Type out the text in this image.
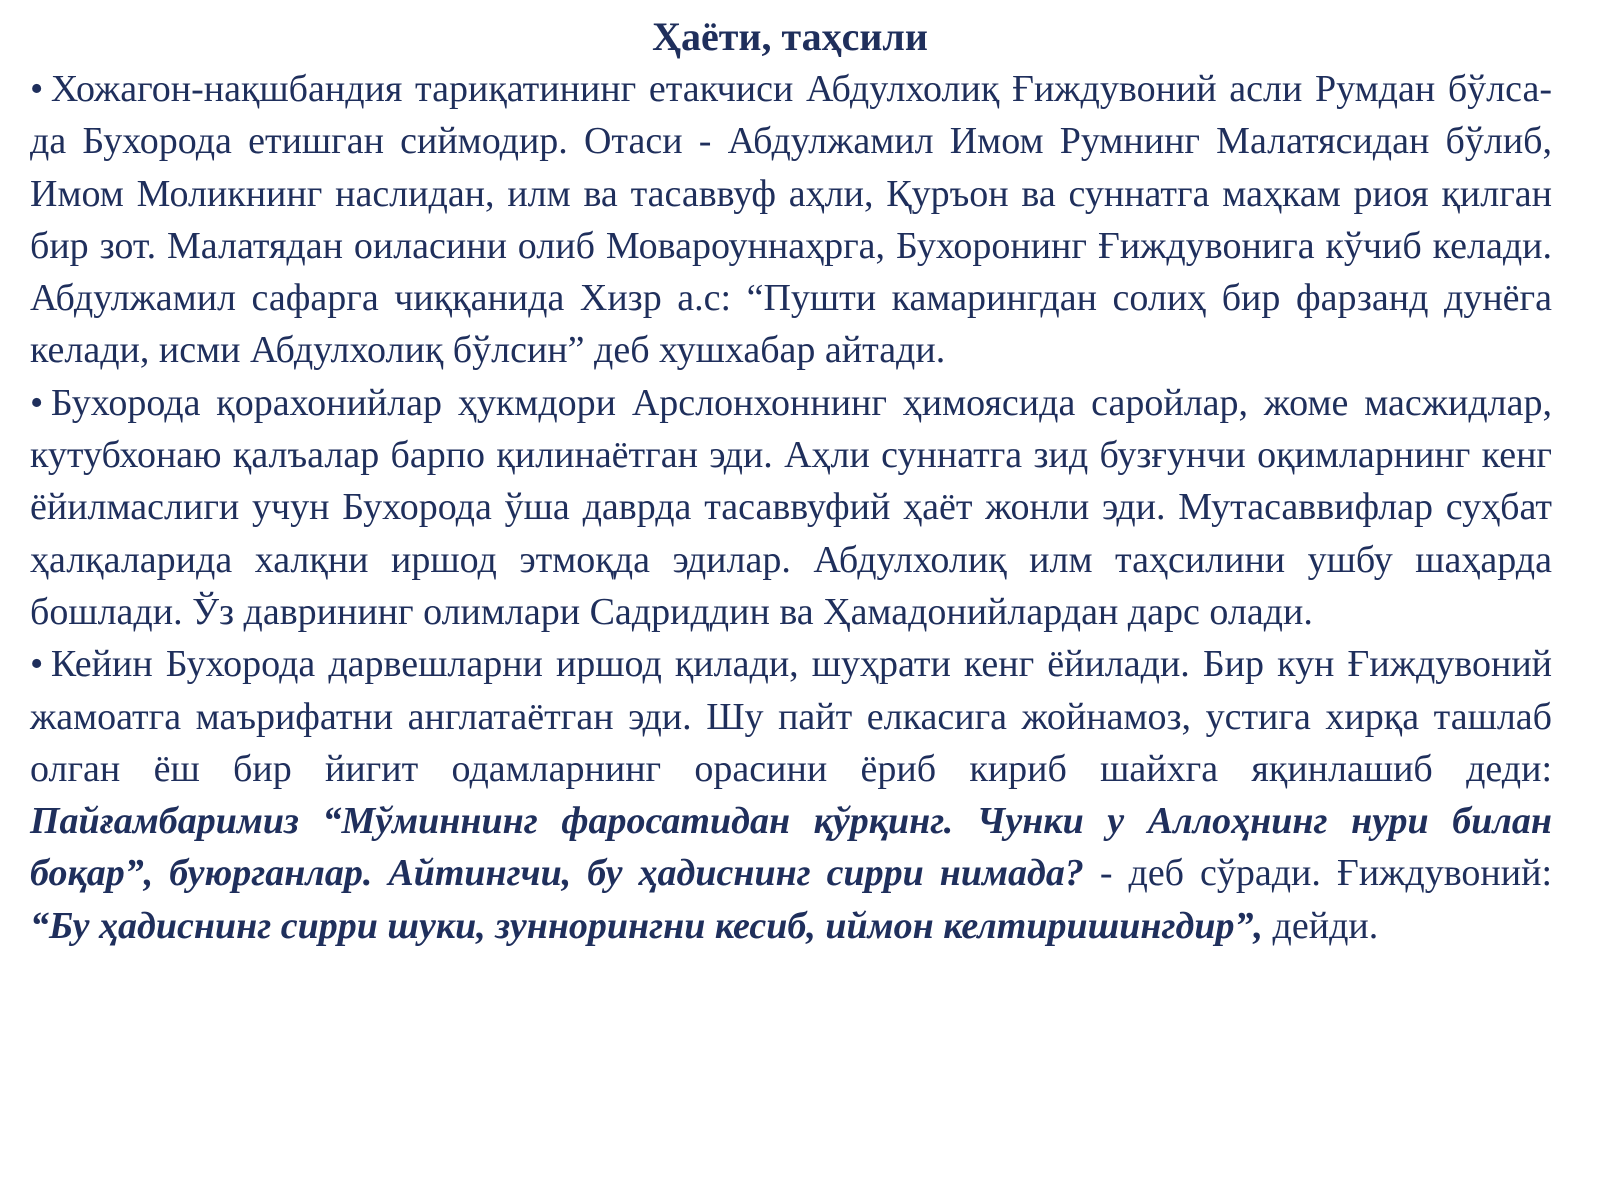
Ҳаёти, таҳсили

• Хожагон-нақшбандия тариқатининг етакчиси Абдулхолиқ Ғиждувоний асли Румдан бўлса-да Бухорода етишган сиймодир. Отаси - Абдулжамил Имом Румнинг Малатясидан бўлиб, Имом Моликнинг наслидан, илм ва тасаввуф аҳли, Қуръон ва суннатга маҳкам риоя қилган бир зот. Малатядан оиласини олиб Мовароуннаҳрга, Бухоронинг Ғиждувонига кўчиб келади. Абдулжамил сафарга чиққанида Хизр а.с: “Пушти камарингдан солиҳ бир фарзанд дунёга келади, исми Абдулхолиқ бўлсин” деб хушхабар айтади.

• Бухорода қорахонийлар ҳукмдори Арслонхоннинг ҳимоясида саройлар, жоме масжидлар, кутубхонаю қалъалар барпо қилинаётган эди. Аҳли суннатга зид бузғунчи оқимларнинг кенг ёйилмаслиги учун Бухорода ўша даврда тасаввуфий ҳаёт жонли эди. Мутасаввифлар суҳбат ҳалқаларида халқни иршод этмоқда эдилар. Абдулхолиқ илм таҳсилини ушбу шаҳарда бошлади. Ўз даврининг олимлари Садриддин ва Ҳамадонийлардан дарс олади.

• Кейин Бухорода дарвешларни иршод қилади, шуҳрати кенг ёйилади. Бир кун Ғиждувоний жамоатга маърифатни англатаётган эди. Шу пайт елкасига жойнамоз, устига хирқа ташлаб олган ёш бир йигит одамларнинг орасини ёриб кириб шайхга яқинлашиб деди: Пайғамбаримиз “Мўминнинг фаросатидан қўрқинг. Чунки у Аллоҳнинг нури билан боқар”, буюрганлар. Айтингчи, бу ҳадиснинг сирри нимада? - деб сўради. Ғиждувоний: “Бу ҳадиснинг сирри шуки, зуннорингни кесиб, иймон келтиришингдир”, дейди.
